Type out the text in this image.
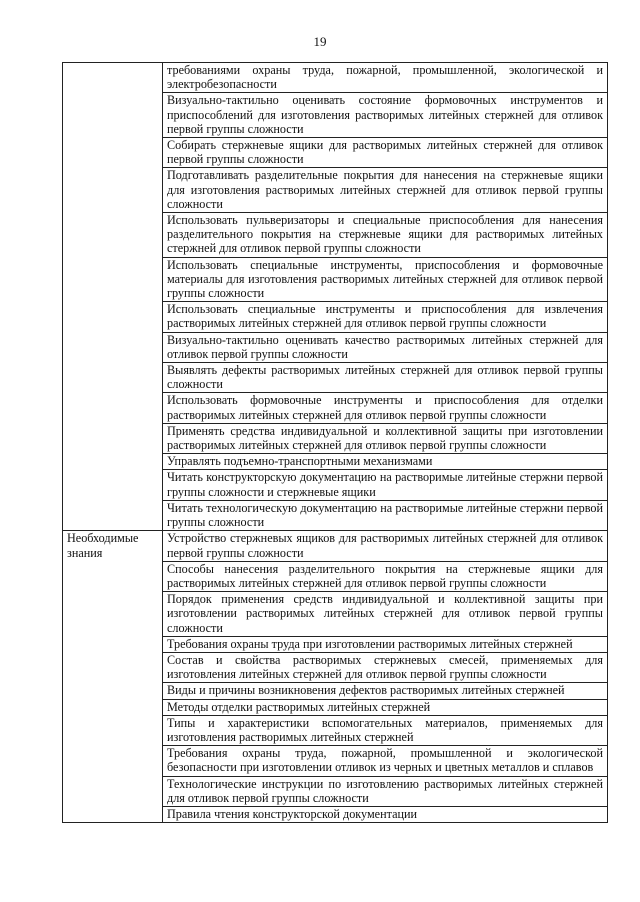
19
	требованиями охраны труда, пожарной, промышленной, экологической и электробезопасности
	Визуально-тактильно оценивать состояние формовочных инструментов и приспособлений для изготовления растворимых литейных стержней для отливок первой группы сложности
	Собирать стержневые ящики для растворимых литейных стержней для отливок первой группы сложности
	Подготавливать разделительные покрытия для нанесения на стержневые ящики для изготовления растворимых литейных стержней для отливок первой группы сложности
	Использовать пульверизаторы и специальные приспособления для нанесения разделительного покрытия на стержневые ящики для растворимых литейных стержней для отливок первой группы сложности
	Использовать специальные инструменты, приспособления и формовочные материалы для изготовления растворимых литейных стержней для отливок первой группы сложности
	Использовать специальные инструменты и приспособления для извлечения растворимых литейных стержней для отливок первой группы сложности
	Визуально-тактильно оценивать качество растворимых литейных стержней для отливок первой группы сложности
	Выявлять дефекты растворимых литейных стержней для отливок первой группы сложности
	Использовать формовочные инструменты и приспособления для отделки растворимых литейных стержней для отливок первой группы сложности
	Применять средства индивидуальной и коллективной защиты при изготовлении растворимых литейных стержней для отливок первой группы сложности
	Управлять подъемно-транспортными механизмами
	Читать конструкторскую документацию на растворимые литейные стержни первой группы сложности и стержневые ящики
	Читать технологическую документацию на растворимые литейные стержни первой группы сложности
Необходимые знания	Устройство стержневых ящиков для растворимых литейных стержней для отливок первой группы сложности
	Способы нанесения разделительного покрытия на стержневые ящики для растворимых литейных стержней для отливок первой группы сложности
	Порядок применения средств индивидуальной и коллективной защиты при изготовлении растворимых литейных стержней для отливок первой группы сложности
	Требования охраны труда при изготовлении растворимых литейных стержней
	Состав и свойства растворимых стержневых смесей, применяемых для изготовления литейных стержней для отливок первой группы сложности
	Виды и причины возникновения дефектов растворимых литейных стержней
	Методы отделки растворимых литейных стержней
	Типы и характеристики вспомогательных материалов, применяемых для изготовления растворимых литейных стержней
	Требования охраны труда, пожарной, промышленной и экологической безопасности при изготовлении отливок из черных и цветных металлов и сплавов
	Технологические инструкции по изготовлению растворимых литейных стержней для отливок первой группы сложности
	Правила чтения конструкторской документации
